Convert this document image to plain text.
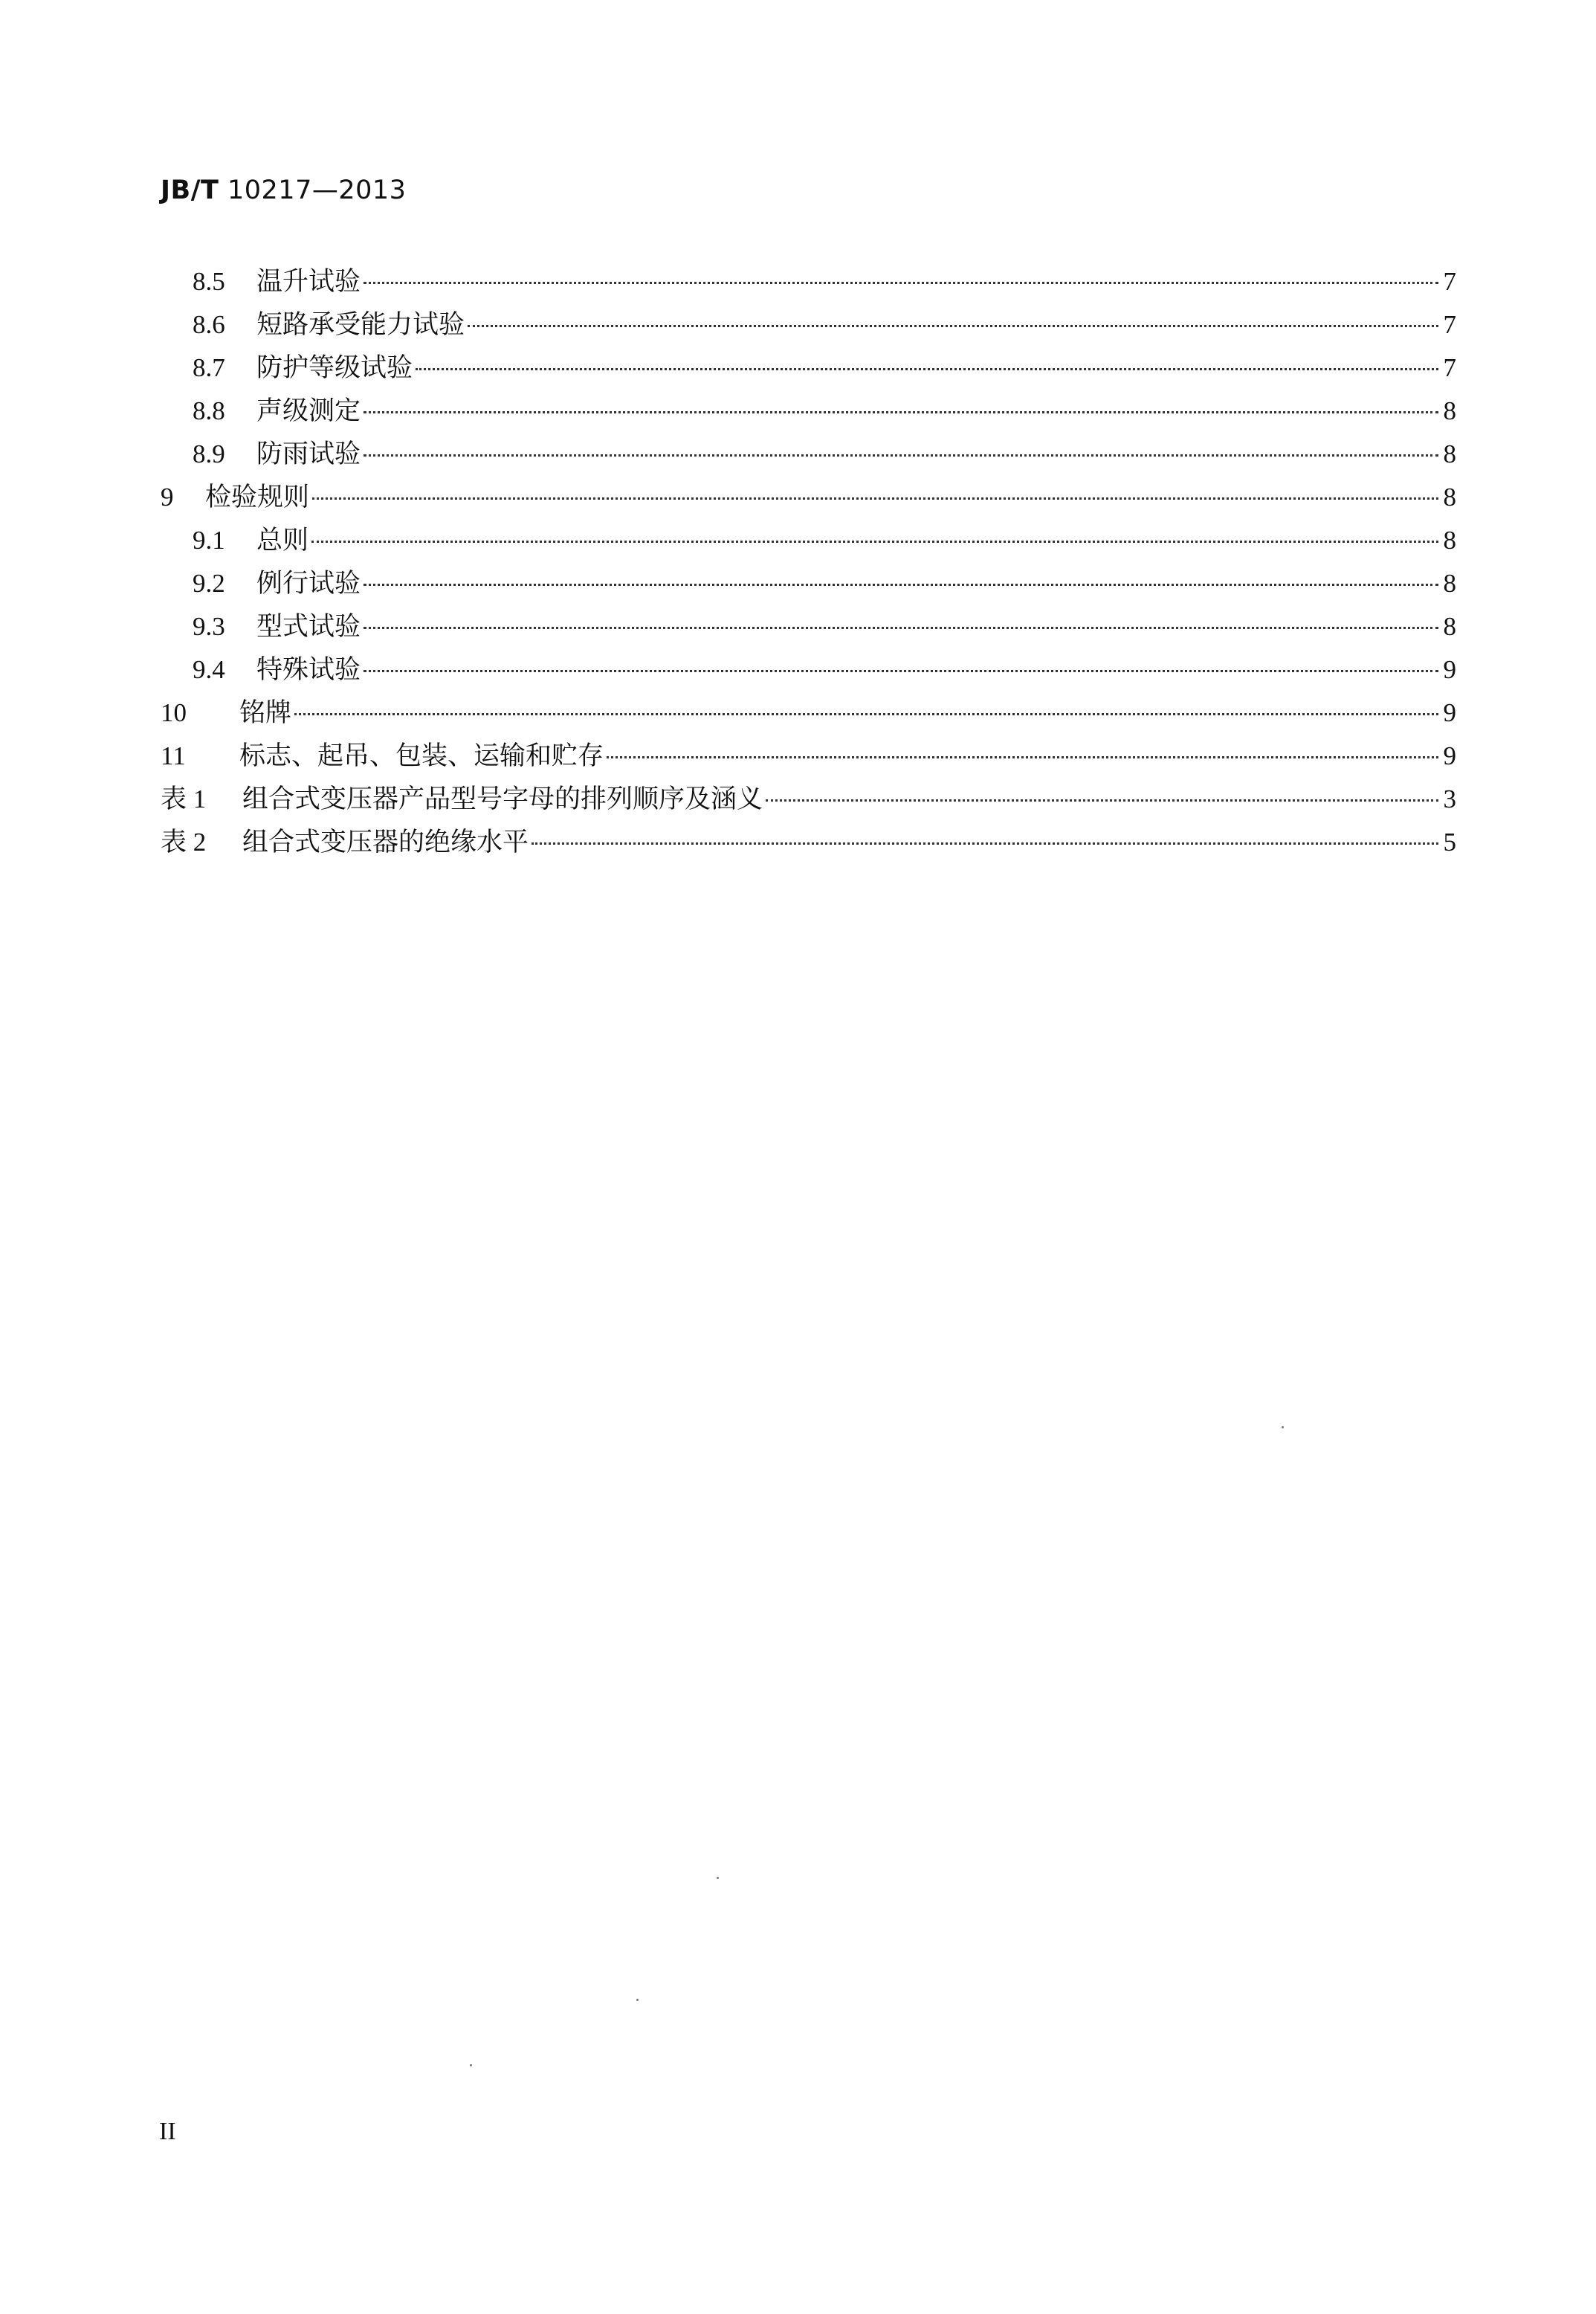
JB/T 10217—2013
8.5	温升试验	7
8.6	短路承受能力试验	7
8.7	防护等级试验	7
8.8	声级测定	8
8.9	防雨试验	8
9	检验规则	8
9.1	总则	8
9.2	例行试验	8
9.3	型式试验	8
9.4	特殊试验	9
10	铭牌	9
11	标志、起吊、包装、运输和贮存	9
表 1	组合式变压器产品型号字母的排列顺序及涵义	3
表 2	组合式变压器的绝缘水平	5
II
